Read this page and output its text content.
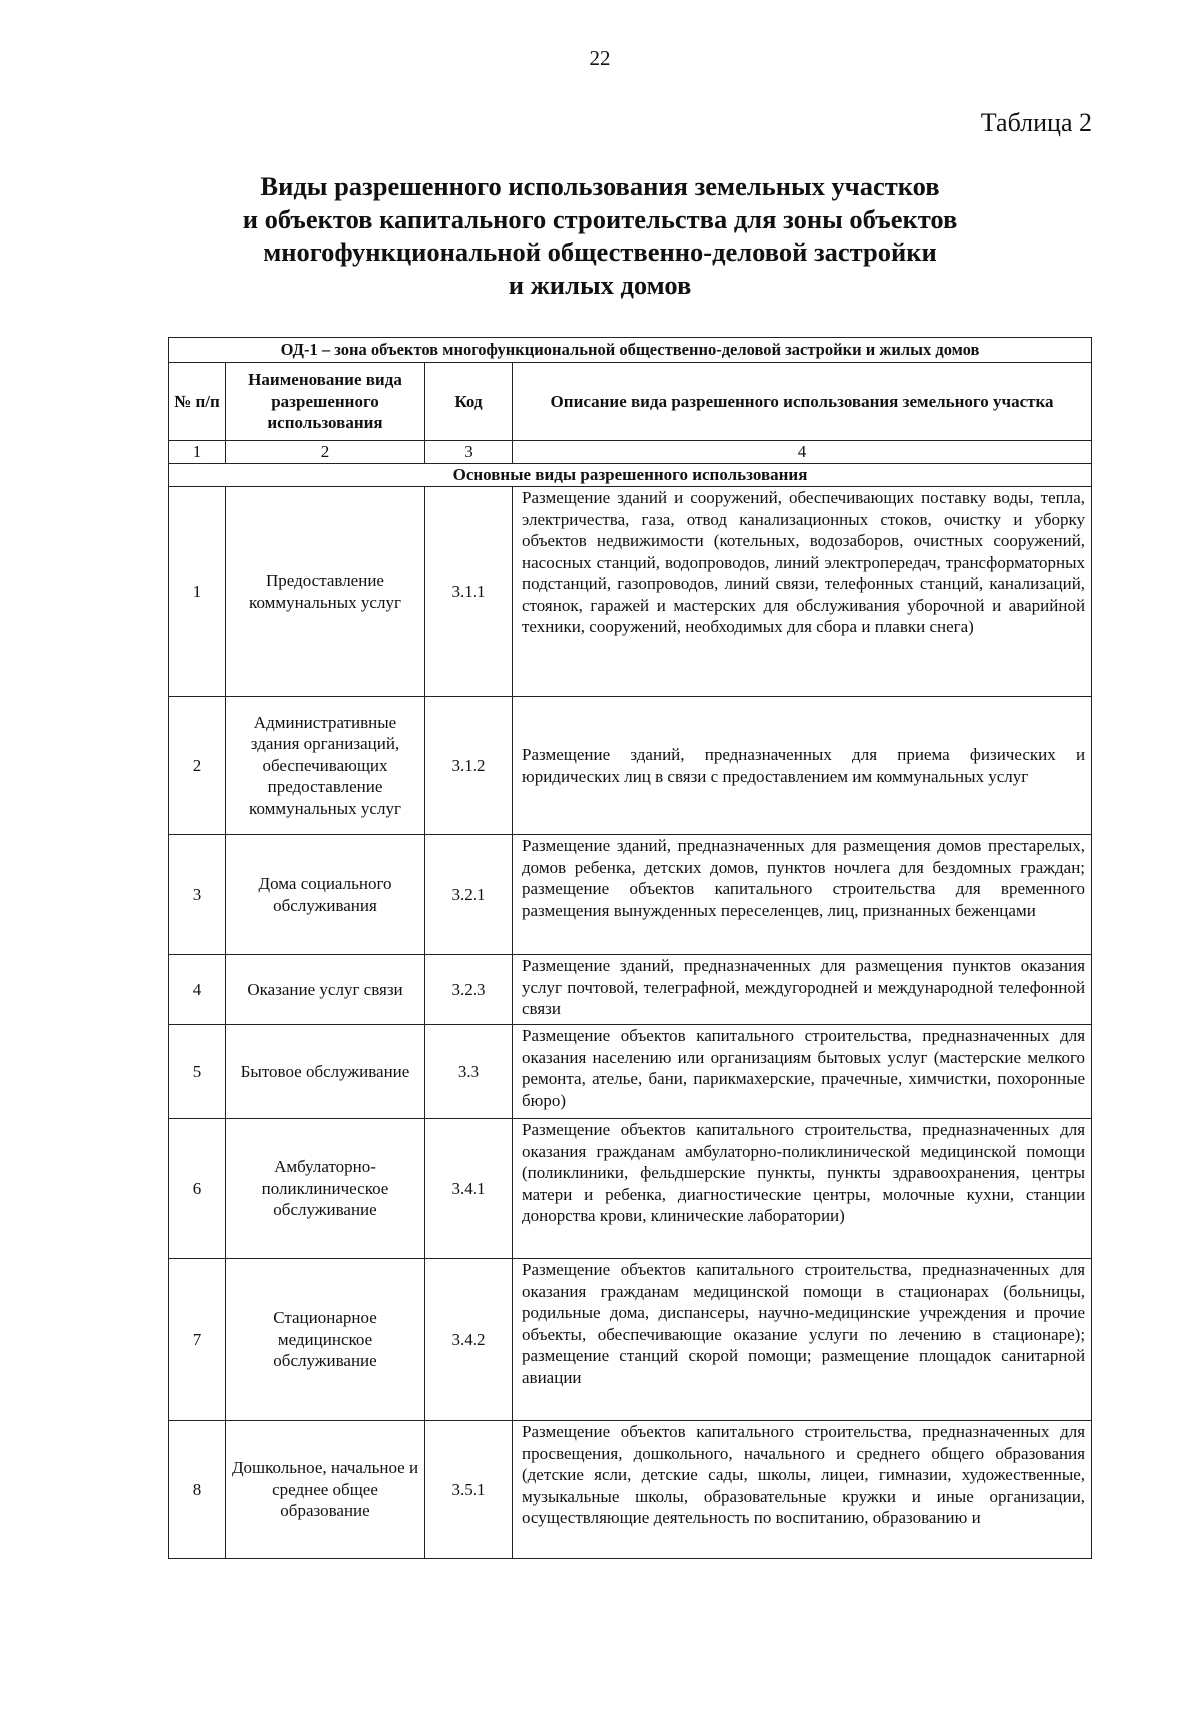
22
Таблица 2
Виды разрешенного использования земельных участков
и объектов капитального строительства для зоны объектов
многофункциональной общественно-деловой застройки
и жилых домов
ОД-1 – зона объектов многофункциональной общественно-деловой застройки и жилых домов			
№ п/п	Наименование вида разрешенного использования	Код	Описание вида разрешенного использования земельного участка
1	2	3	4
Основные виды разрешенного использования			
1	Предоставление коммунальных услуг	3.1.1	Размещение зданий и сооружений, обеспечивающих поставку воды, тепла, электричества, газа, отвод канализационных стоков, очистку и уборку объектов недвижимости (котельных, водозаборов, очистных сооружений, насосных станций, водопроводов, линий электропередач, трансформаторных подстанций, газопроводов, линий связи, телефонных станций, канализаций, стоянок, гаражей и мастерских для обслуживания уборочной и аварийной техники, сооружений, необходимых для сбора и плавки снега)
2	Административные здания организаций, обеспечивающих предоставление коммунальных услуг	3.1.2	Размещение зданий, предназначенных для приема физических и юридических лиц в связи с предоставлением им коммунальных услуг
3	Дома социального обслуживания	3.2.1	Размещение зданий, предназначенных для размещения домов престарелых, домов ребенка, детских домов, пунктов ночлега для бездомных граждан; размещение объектов капитального строительства для временного размещения вынужденных переселенцев, лиц, признанных беженцами
4	Оказание услуг связи	3.2.3	Размещение зданий, предназначенных для размещения пунктов оказания услуг почтовой, телеграфной, междугородней и международной телефонной связи
5	Бытовое обслуживание	3.3	Размещение объектов капитального строительства, предназначенных для оказания населению или организациям бытовых услуг (мастерские мелкого ремонта, ателье, бани, парикмахерские, прачечные, химчистки, похоронные бюро)
6	Амбулаторно-поликлиническое обслуживание	3.4.1	Размещение объектов капитального строительства, предназначенных для оказания гражданам амбулаторно-поликлинической медицинской помощи (поликлиники, фельдшерские пункты, пункты здравоохранения, центры матери и ребенка, диагностические центры, молочные кухни, станции донорства крови, клинические лаборатории)
7	Стационарное медицинское обслуживание	3.4.2	Размещение объектов капитального строительства, предназначенных для оказания гражданам медицинской помощи в стационарах (больницы, родильные дома, диспансеры, научно-медицинские учреждения и прочие объекты, обеспечивающие оказание услуги по лечению в стационаре); размещение станций скорой помощи; размещение площадок санитарной авиации
8	Дошкольное, начальное и среднее общее образование	3.5.1	Размещение объектов капитального строительства, предназначенных для просвещения, дошкольного, начального и среднего общего образования (детские ясли, детские сады, школы, лицеи, гимназии, художественные, музыкальные школы, образовательные кружки и иные организации, осуществляющие деятельность по воспитанию, образованию и
